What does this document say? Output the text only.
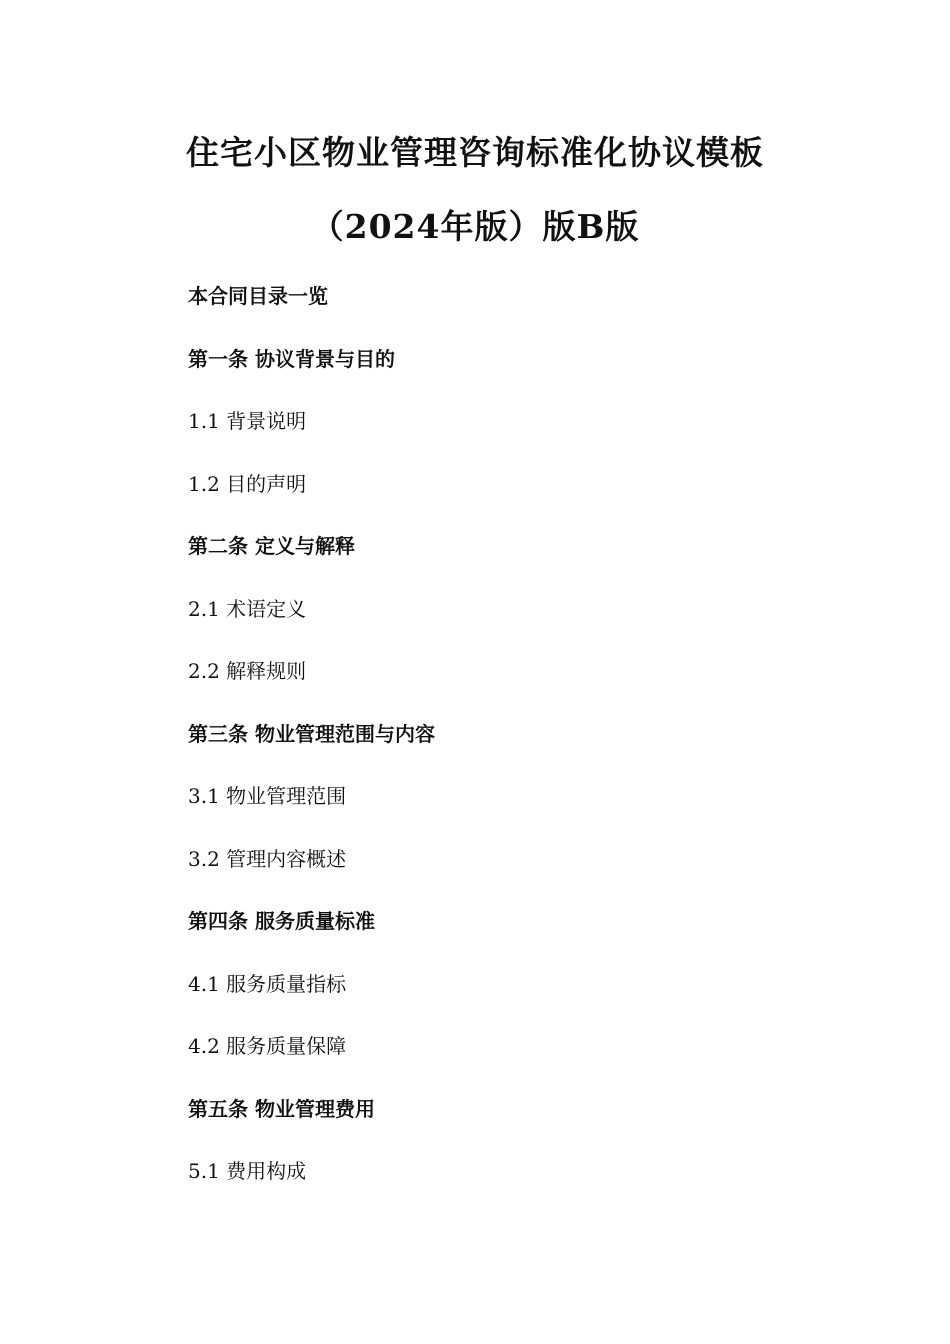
住宅小区物业管理咨询标准化协议模板
（2024年版）版B版
本合同目录一览
第一条 协议背景与目的
1.1 背景说明
1.2 目的声明
第二条 定义与解释
2.1 术语定义
2.2 解释规则
第三条 物业管理范围与内容
3.1 物业管理范围
3.2 管理内容概述
第四条 服务质量标准
4.1 服务质量指标
4.2 服务质量保障
第五条 物业管理费用
5.1 费用构成
